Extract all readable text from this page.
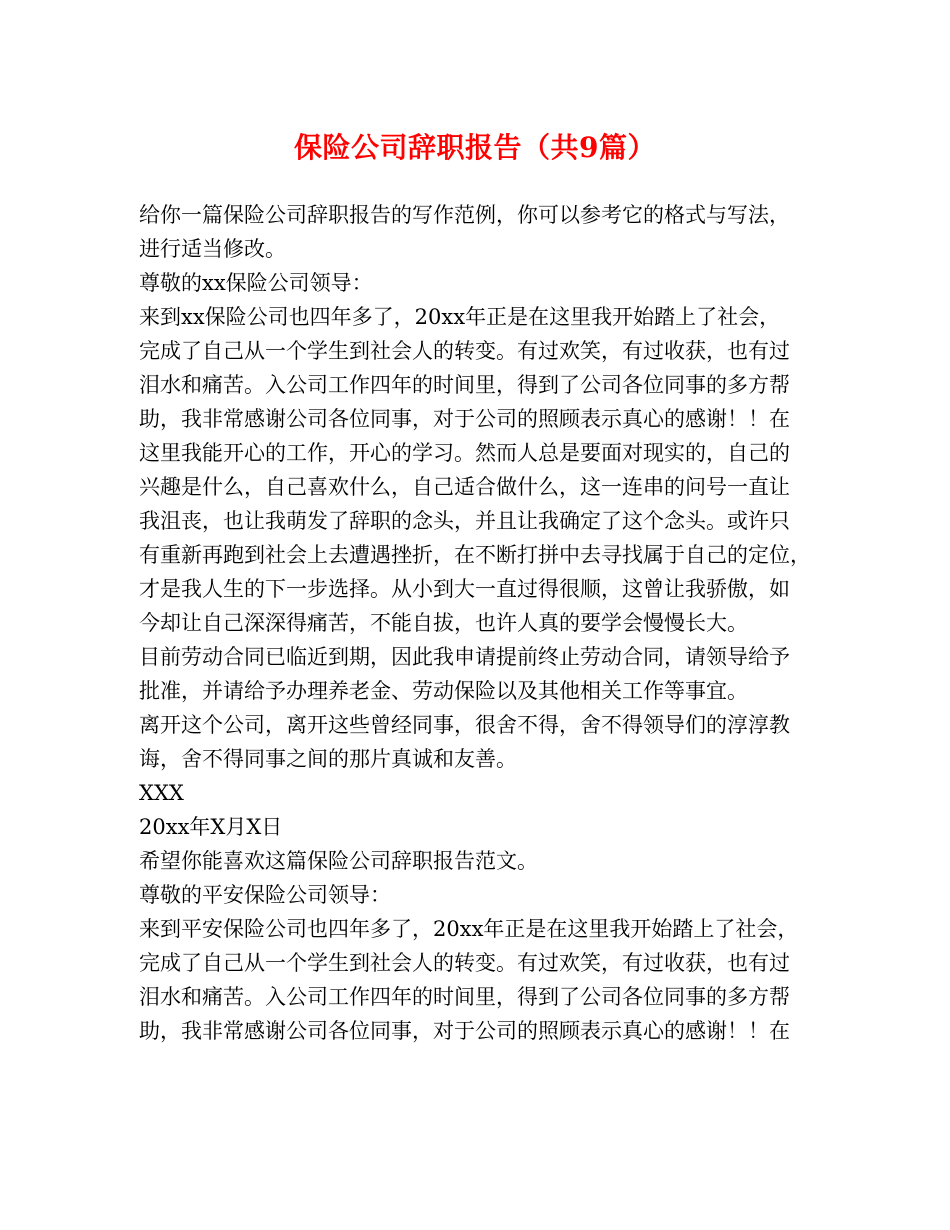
保险公司辞职报告（共9篇）
给你一篇保险公司辞职报告的写作范例，你可以参考它的格式与写法，
进行适当修改。
尊敬的xx保险公司领导：
来到xx保险公司也四年多了，20xx年正是在这里我开始踏上了社会，
完成了自己从一个学生到社会人的转变。有过欢笑，有过收获，也有过
泪水和痛苦。入公司工作四年的时间里，得到了公司各位同事的多方帮
助，我非常感谢公司各位同事，对于公司的照顾表示真心的感谢！！在
这里我能开心的工作，开心的学习。然而人总是要面对现实的，自己的
兴趣是什么，自己喜欢什么，自己适合做什么，这一连串的问号一直让
我沮丧，也让我萌发了辞职的念头，并且让我确定了这个念头。或许只
有重新再跑到社会上去遭遇挫折，在不断打拼中去寻找属于自己的定位，
才是我人生的下一步选择。从小到大一直过得很顺，这曾让我骄傲，如
今却让自己深深得痛苦，不能自拔，也许人真的要学会慢慢长大。
目前劳动合同已临近到期，因此我申请提前终止劳动合同，请领导给予
批准，并请给予办理养老金、劳动保险以及其他相关工作等事宜。
离开这个公司，离开这些曾经同事，很舍不得，舍不得领导们的淳淳教
诲，舍不得同事之间的那片真诚和友善。
XXX
20xx年X月X日
希望你能喜欢这篇保险公司辞职报告范文。
尊敬的平安保险公司领导：
来到平安保险公司也四年多了，20xx年正是在这里我开始踏上了社会，
完成了自己从一个学生到社会人的转变。有过欢笑，有过收获，也有过
泪水和痛苦。入公司工作四年的时间里，得到了公司各位同事的多方帮
助，我非常感谢公司各位同事，对于公司的照顾表示真心的感谢！！在
